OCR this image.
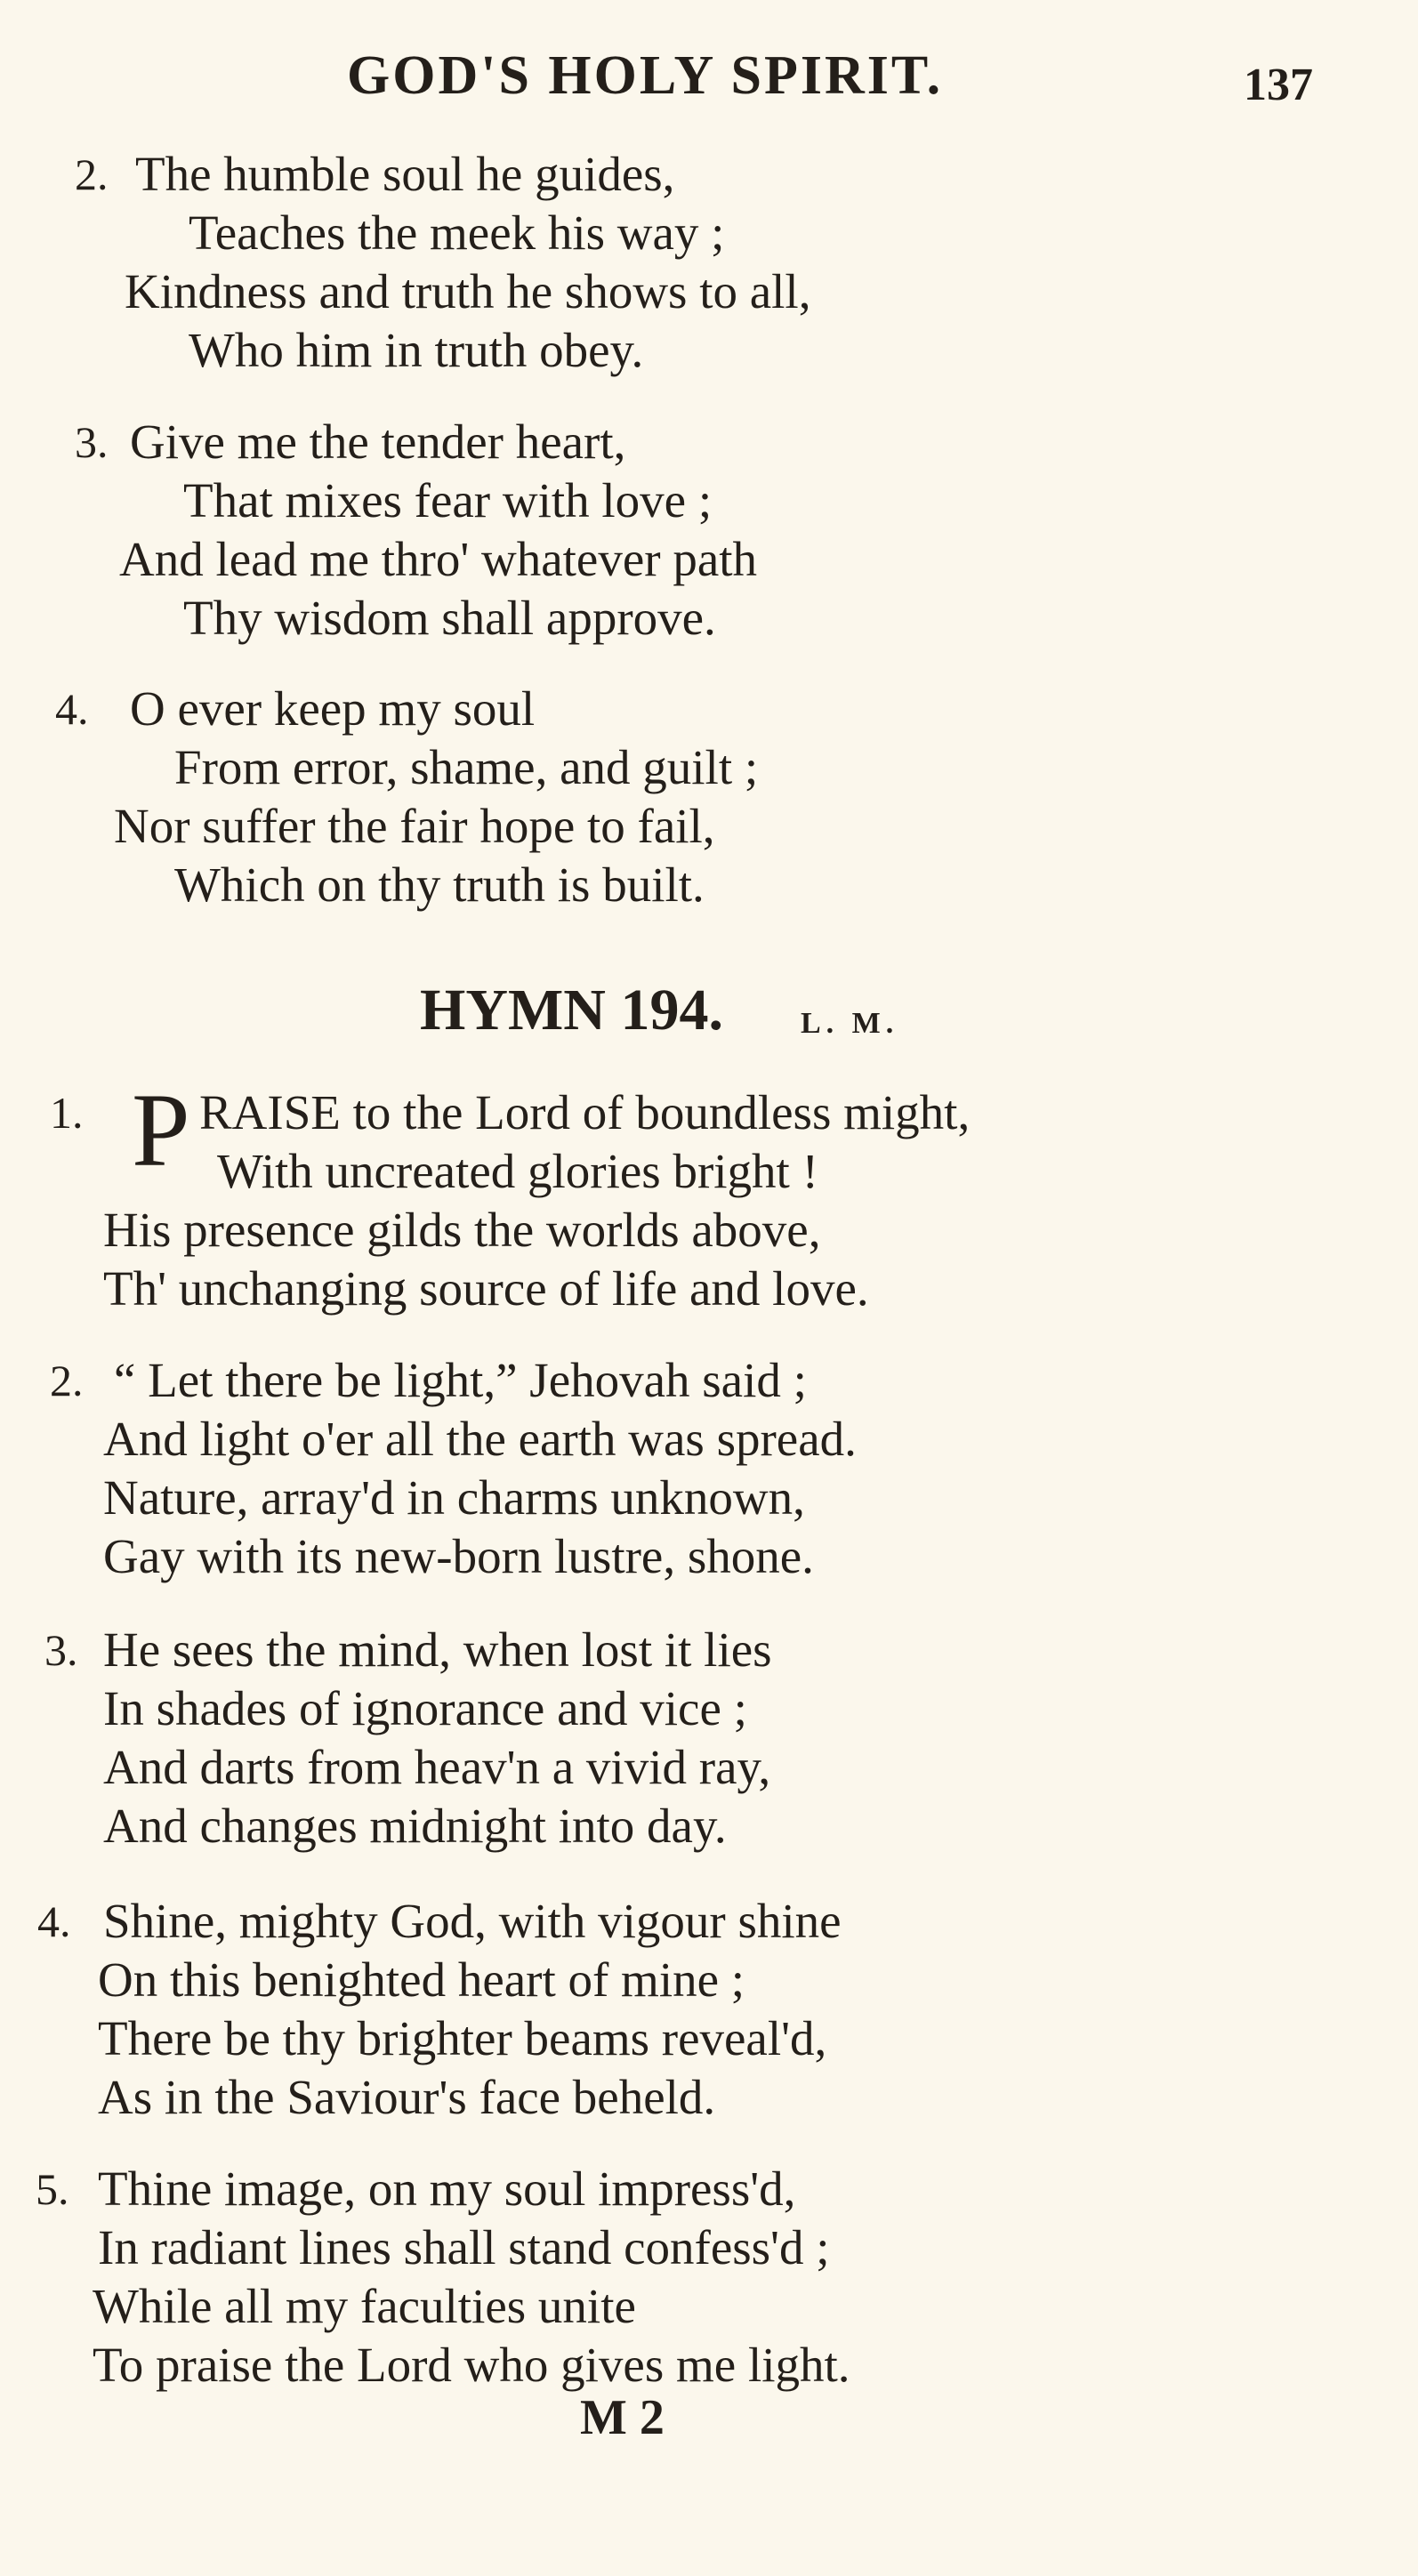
GOD'S HOLY SPIRIT.	137
2. The humble soul he guides,
Teaches the meek his way ;
Kindness and truth he shows to all,
Who him in truth obey.
3. Give me the tender heart,
That mixes fear with love ;
And lead me thro' whatever path
Thy wisdom shall approve.
4. O ever keep my soul
From error, shame, and guilt ;
Nor suffer the fair hope to fail,
Which on thy truth is built.
HYMN 194.	L. M.
1. P RAISE to the Lord of boundless might,
With uncreated glories bright !
His presence gilds the worlds above,
Th' unchanging source of life and love.
2. “ Let there be light,” Jehovah said ;
And light o'er all the earth was spread.
Nature, array'd in charms unknown,
Gay with its new-born lustre, shone.
3. He sees the mind, when lost it lies
In shades of ignorance and vice ;
And darts from heav'n a vivid ray,
And changes midnight into day.
4. Shine, mighty God, with vigour shine
On this benighted heart of mine ;
There be thy brighter beams reveal'd,
As in the Saviour's face beheld.
5. Thine image, on my soul impress'd,
In radiant lines shall stand confess'd ;
While all my faculties unite
To praise the Lord who gives me light.
M 2
